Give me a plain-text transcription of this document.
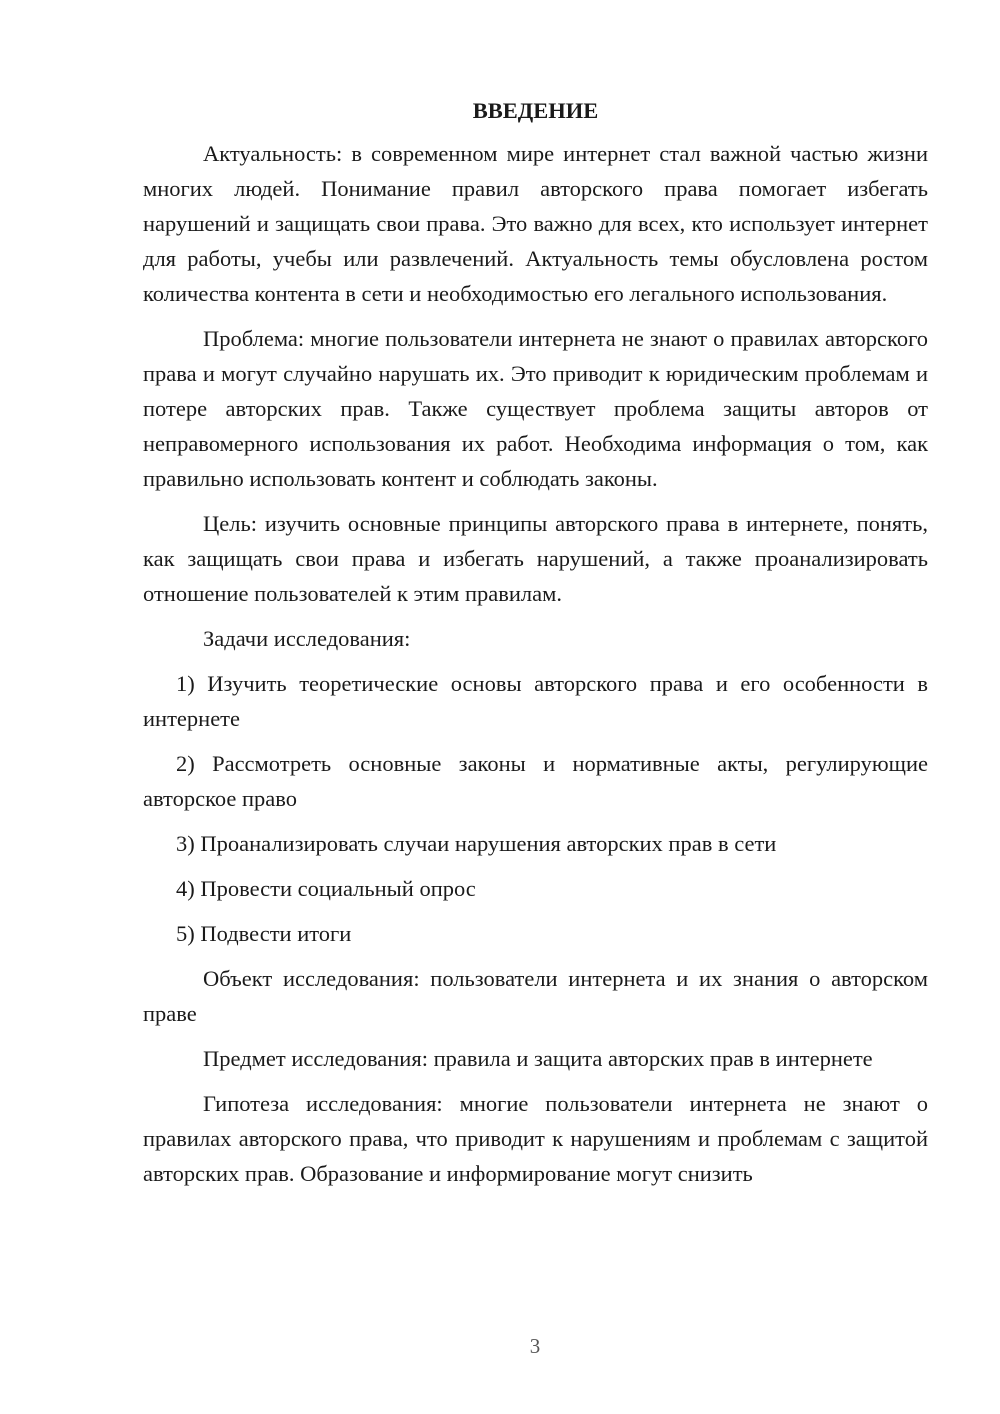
ВВЕДЕНИЕ

Актуальность: в современном мире интернет стал важной частью жизни многих людей. Понимание правил авторского права помогает избегать нарушений и защищать свои права. Это важно для всех, кто использует интернет для работы, учебы или развлечений. Актуальность темы обусловлена ростом количества контента в сети и необходимостью его легального использования.

Проблема: многие пользователи интернета не знают о правилах авторского права и могут случайно нарушать их. Это приводит к юридическим проблемам и потере авторских прав. Также существует проблема защиты авторов от неправомерного использования их работ. Необходима информация о том, как правильно использовать контент и соблюдать законы.

Цель: изучить основные принципы авторского права в интернете, понять, как защищать свои права и избегать нарушений, а также проанализировать отношение пользователей к этим правилам.

Задачи исследования:

1) Изучить теоретические основы авторского права и его особенности в интернете

2) Рассмотреть основные законы и нормативные акты, регулирующие авторское право

3) Проанализировать случаи нарушения авторских прав в сети

4) Провести социальный опрос

5) Подвести итоги

Объект исследования: пользователи интернета и их знания о авторском праве

Предмет исследования: правила и защита авторских прав в интернете

Гипотеза исследования: многие пользователи интернета не знают о правилах авторского права, что приводит к нарушениям и проблемам с защитой авторских прав. Образование и информирование могут снизить

3
